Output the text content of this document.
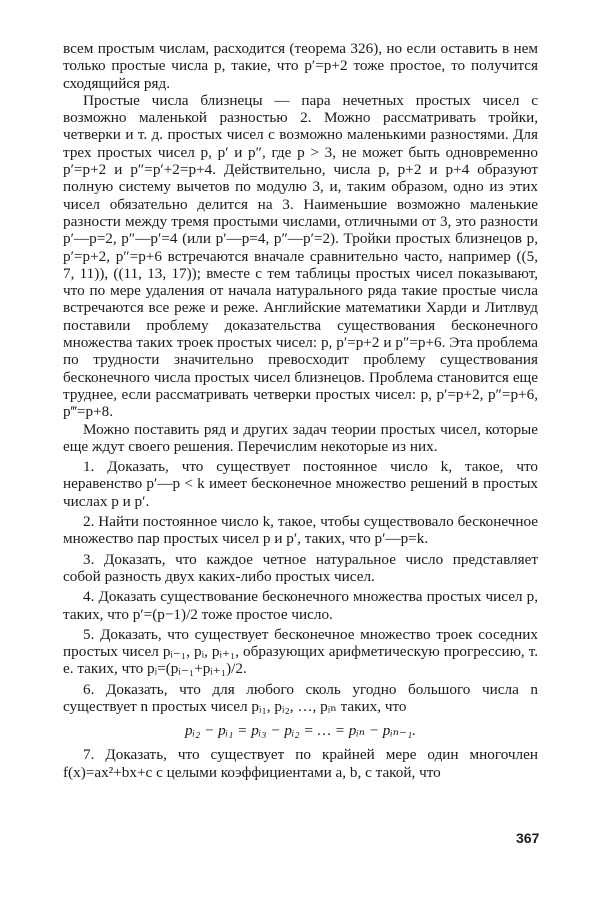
всем простым числам, расходится (теорема 326), но если оставить в нем только простые числа p, такие, что p′=p+2 тоже простое, то получится сходящийся ряд.

Простые числа близнецы — пара нечетных простых чисел с возможно маленькой разностью 2. Можно рассматривать тройки, четверки и т. д. простых чисел с возможно маленькими разностями. Для трех простых чисел p, p′ и p″, где p > 3, не может быть одновременно p′=p+2 и p″=p′+2=p+4. Действительно, числа p, p+2 и p+4 образуют полную систему вычетов по модулю 3, и, таким образом, одно из этих чисел обязательно делится на 3. Наименьшие возможно маленькие разности между тремя простыми числами, отличными от 3, это разности p′—p=2, p″—p′=4 (или p′—p=4, p″—p′=2). Тройки простых близнецов p, p′=p+2, p″=p+6 встречаются вначале сравнительно часто, например ((5, 7, 11)), ((11, 13, 17)); вместе с тем таблицы простых чисел показывают, что по мере удаления от начала натурального ряда такие простые числа встречаются все реже и реже. Английские математики Харди и Литлвуд поставили проблему доказательства существования бесконечного множества таких троек простых чисел: p, p′=p+2 и p″=p+6. Эта проблема по трудности значительно превосходит проблему существования бесконечного числа простых чисел близнецов. Проблема становится еще труднее, если рассматривать четверки простых чисел: p, p′=p+2, p″=p+6, p‴=p+8.

Можно поставить ряд и других задач теории простых чисел, которые еще ждут своего решения. Перечислим некоторые из них.

1. Доказать, что существует постоянное число k, такое, что неравенство p′—p < k имеет бесконечное множество решений в простых числах p и p′.

2. Найти постоянное число k, такое, чтобы существовало бесконечное множество пар простых чисел p и p′, таких, что p′—p=k.

3. Доказать, что каждое четное натуральное число представляет собой разность двух каких-либо простых чисел.

4. Доказать существование бесконечного множества простых чисел p, таких, что p′=(p−1)/2 тоже простое число.

5. Доказать, что существует бесконечное множество троек соседних простых чисел pᵢ₋₁, pᵢ, pᵢ₊₁, образующих арифметическую прогрессию, т. е. таких, что pᵢ=(pᵢ₋₁+pᵢ₊₁)/2.

6. Доказать, что для любого сколь угодно большого числа n существует n простых чисел pᵢ₁, pᵢ₂, …, pᵢₙ таких, что

pᵢ₂ − pᵢ₁ = pᵢ₃ − pᵢ₂ = … = pᵢₙ − pᵢₙ₋₁.

7. Доказать, что существует по крайней мере один многочлен f(x)=ax²+bx+c с целыми коэффициентами a, b, c такой, что

367
